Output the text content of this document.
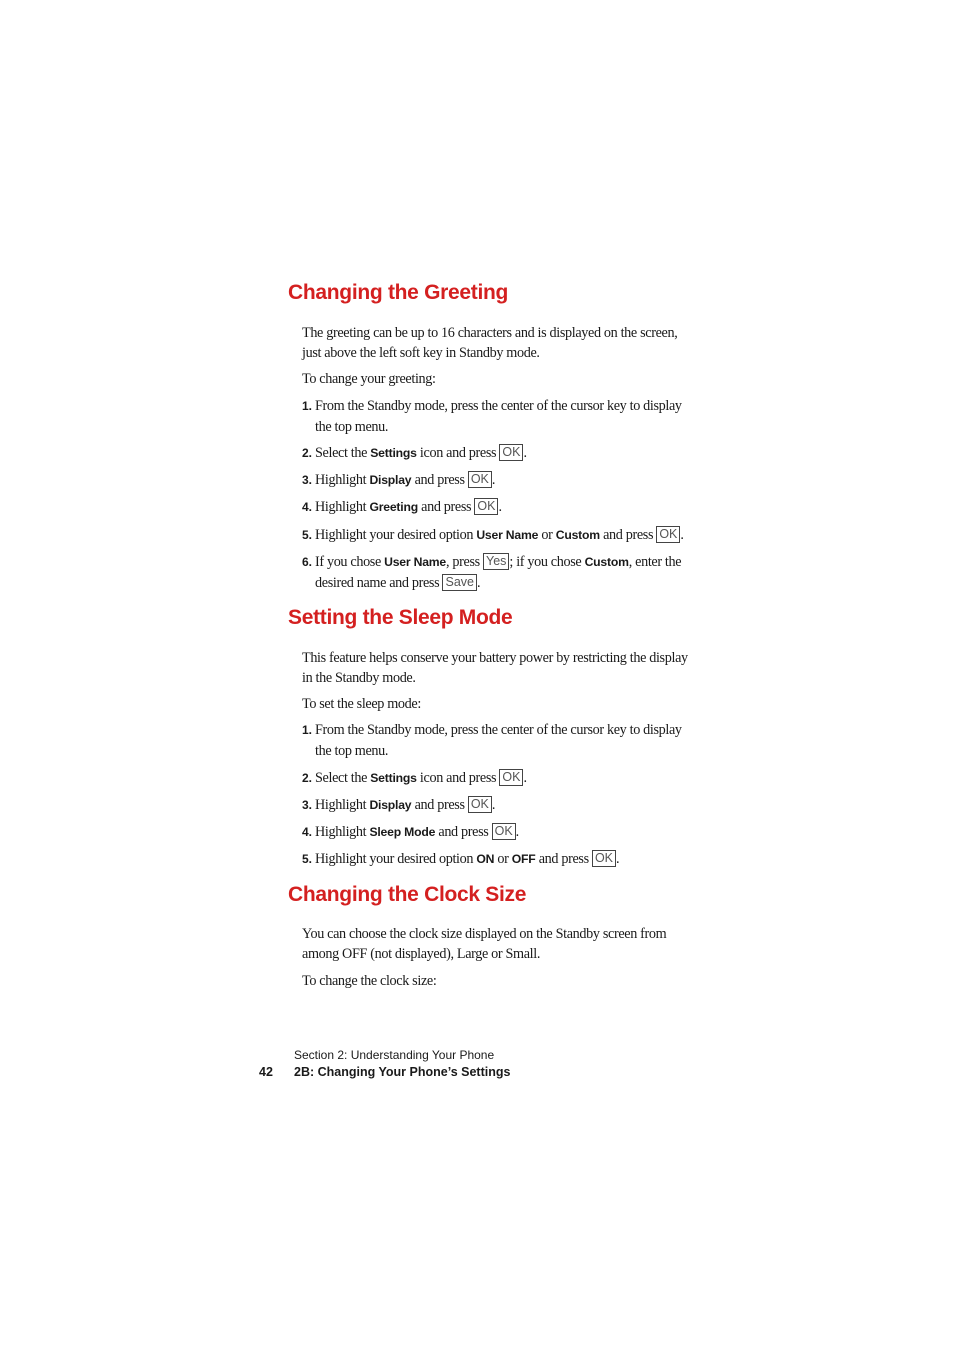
Changing the Greeting

The greeting can be up to 16 characters and is displayed on the screen, just above the left soft key in Standby mode.

To change your greeting:

1. From the Standby mode, press the center of the cursor key to display the top menu.
2. Select the Settings icon and press OK .
3. Highlight Display and press OK .
4. Highlight Greeting and press OK .
5. Highlight your desired option User Name or Custom and press OK .
6. If you chose User Name, press Yes ; if you chose Custom, enter the desired name and press Save .
Setting the Sleep Mode

This feature helps conserve your battery power by restricting the display in the Standby mode.

To set the sleep mode:

1. From the Standby mode, press the center of the cursor key to display the top menu.
2. Select the Settings icon and press OK .
3. Highlight Display and press OK .
4. Highlight Sleep Mode and press OK .
5. Highlight your desired option ON or OFF and press OK .
Changing the Clock Size

You can choose the clock size displayed on the Standby screen from among OFF (not displayed), Large or Small.

To change the clock size:

Section 2: Understanding Your Phone
42 2B: Changing Your Phone’s Settings
